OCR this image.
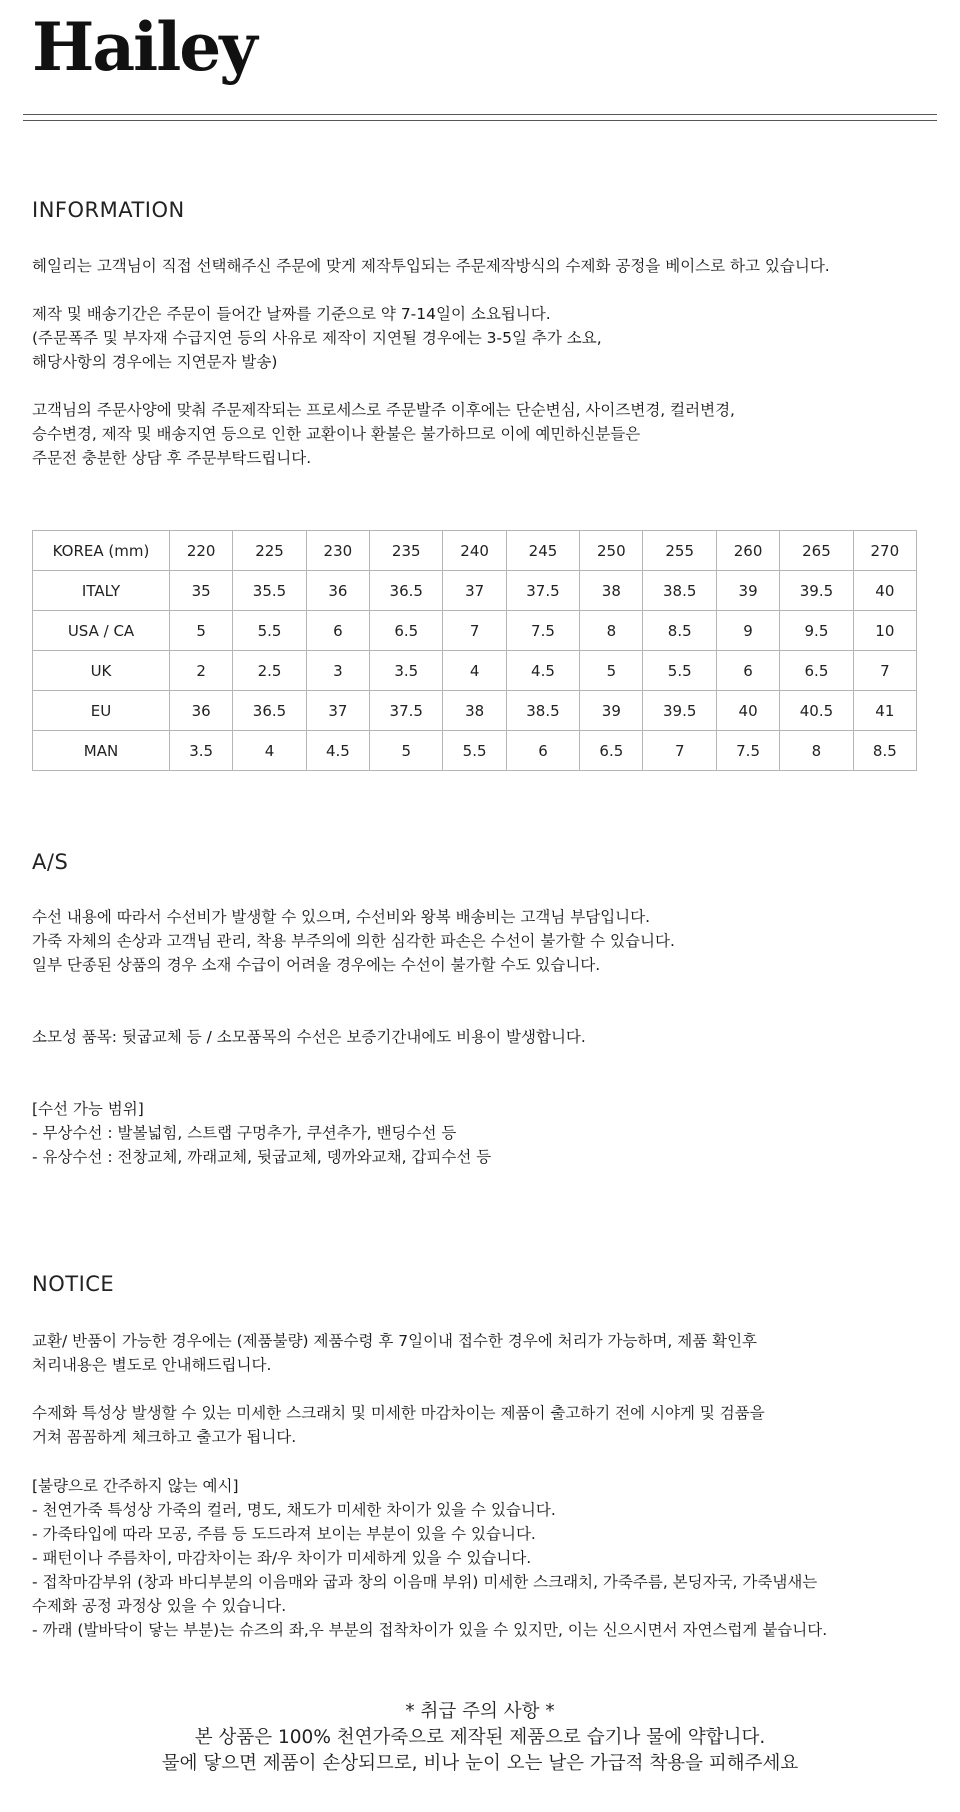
Hailey
INFORMATION
헤일리는 고객님이 직접 선택해주신 주문에 맞게 제작투입되는 주문제작방식의 수제화 공정을 베이스로 하고 있습니다.
제작 및 배송기간은 주문이 들어간 날짜를 기준으로 약 7-14일이 소요됩니다.
(주문폭주 및 부자재 수급지연 등의 사유로 제작이 지연될 경우에는 3-5일 추가 소요,
해당사항의 경우에는 지연문자 발송)
고객님의 주문사양에 맞춰 주문제작되는 프로세스로 주문발주 이후에는 단순변심, 사이즈변경, 컬러변경,
승수변경, 제작 및 배송지연 등으로 인한 교환이나 환불은 불가하므로 이에 예민하신분들은
주문전 충분한 상담 후 주문부탁드립니다.
KOREA (mm)	220	225	230	235	240	245	250	255	260	265	270
ITALY	35	35.5	36	36.5	37	37.5	38	38.5	39	39.5	40
USA / CA	5	5.5	6	6.5	7	7.5	8	8.5	9	9.5	10
UK	2	2.5	3	3.5	4	4.5	5	5.5	6	6.5	7
EU	36	36.5	37	37.5	38	38.5	39	39.5	40	40.5	41
MAN	3.5	4	4.5	5	5.5	6	6.5	7	7.5	8	8.5
A/S
수선 내용에 따라서 수선비가 발생할 수 있으며, 수선비와 왕복 배송비는 고객님 부담입니다.
가죽 자체의 손상과 고객님 관리, 착용 부주의에 의한 심각한 파손은 수선이 불가할 수 있습니다.
일부 단종된 상품의 경우 소재 수급이 어려울 경우에는 수선이 불가할 수도 있습니다.
소모성 품목: 뒷굽교체 등 / 소모품목의 수선은 보증기간내에도 비용이 발생합니다.
[수선 가능 범위]
- 무상수선 : 발볼넓힘, 스트랩 구멍추가, 쿠션추가, 밴딩수선 등
- 유상수선 : 전창교체, 까래교체, 뒷굽교체, 뎅까와교채, 갑피수선 등
NOTICE
교환/ 반품이 가능한 경우에는 (제품불량) 제품수령 후 7일이내 접수한 경우에 처리가 가능하며, 제품 확인후
처리내용은 별도로 안내해드립니다.
수제화 특성상 발생할 수 있는 미세한 스크래치 및 미세한 마감차이는 제품이 출고하기 전에 시야게 및 검품을
거쳐 꼼꼼하게 체크하고 출고가 됩니다.
[불량으로 간주하지 않는 예시]
- 천연가죽 특성상 가죽의 컬러, 명도, 채도가 미세한 차이가 있을 수 있습니다.
- 가죽타입에 따라 모공, 주름 등 도드라져 보이는 부분이 있을 수 있습니다.
- 패턴이나 주름차이, 마감차이는 좌/우 차이가 미세하게 있을 수 있습니다.
- 접착마감부위 (창과 바디부분의 이음매와 굽과 창의 이음매 부위) 미세한 스크래치, 가죽주름, 본딩자국, 가죽냄새는
수제화 공정 과정상 있을 수 있습니다.
- 까래 (발바닥이 닿는 부분)는 슈즈의 좌,우 부분의 접착차이가 있을 수 있지만, 이는 신으시면서 자연스럽게 붙습니다.
* 취급 주의 사항 *
본 상품은 100% 천연가죽으로 제작된 제품으로 습기나 물에 약합니다.
물에 닿으면 제품이 손상되므로, 비나 눈이 오는 날은 가급적 착용을 피해주세요
